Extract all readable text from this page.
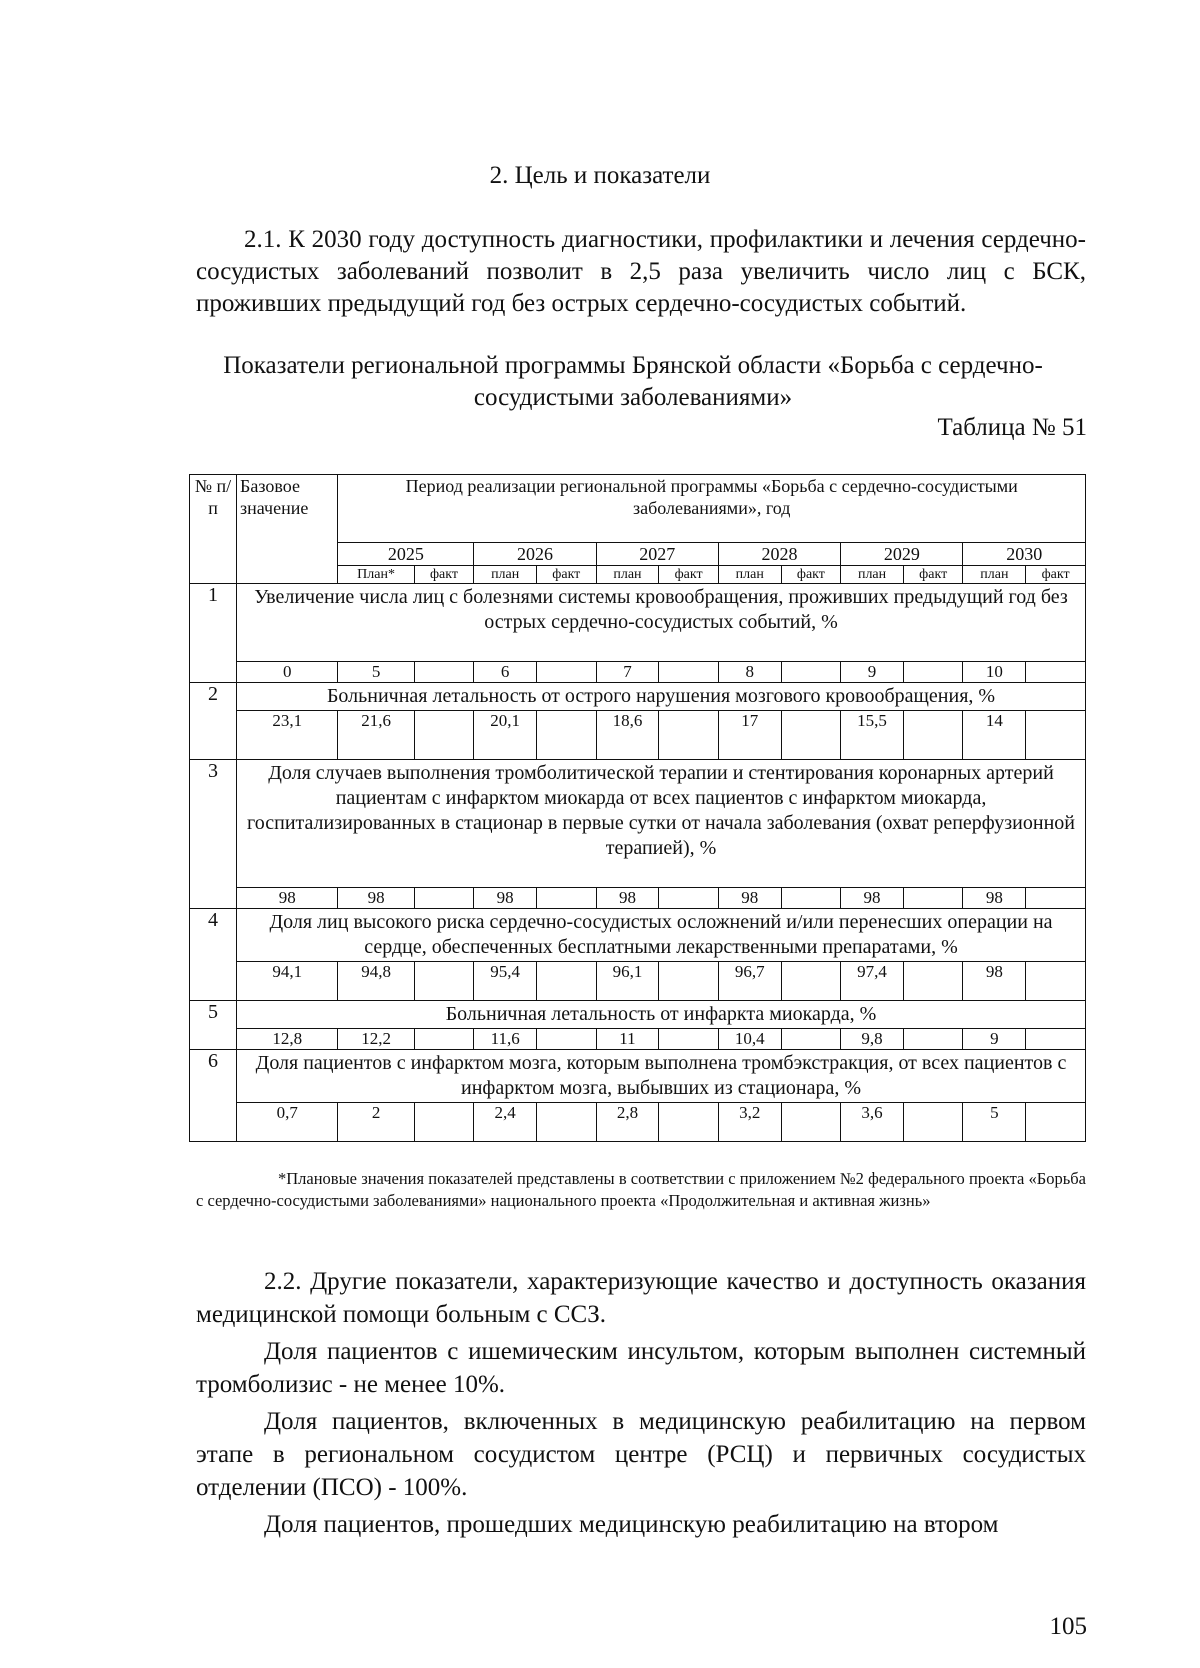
2. Цель и показатели
2.1. К 2030 году доступность диагностики, профилактики и лечения сердечно-сосудистых заболеваний позволит в 2,5 раза увеличить число лиц с БСК, проживших предыдущий год без острых сердечно-сосудистых событий.
Показатели региональной программы Брянской области «Борьба с сердечно-сосудистыми заболеваниями»
Таблица № 51
№ п/п	Базовое значение	Период реализации региональной программы «Борьба с сердечно-сосудистыми заболеваниями», год											
		2025		2026		2027		2028		2029		2030	
		План*	факт	план	факт	план	факт	план	факт	план	факт	план	факт
1	Увеличение числа лиц с болезнями системы кровообращения, проживших предыдущий год без острых сердечно-сосудистых событий, %												
	0	5		6		7		8		9		10	
2	Больничная летальность от острого нарушения мозгового кровообращения, %												
	23,1	21,6		20,1		18,6		17		15,5		14	
3	Доля случаев выполнения тромболитической терапии и стентирования коронарных артерий пациентам с инфарктом миокарда от всех пациентов с инфарктом миокарда, госпитализированных в стационар в первые сутки от начала заболевания (охват реперфузионной терапией), %												
	98	98		98		98		98		98		98	
4	Доля лиц высокого риска сердечно-сосудистых осложнений и/или перенесших операции на сердце, обеспеченных бесплатными лекарственными препаратами, %												
	94,1	94,8		95,4		96,1		96,7		97,4		98	
5	Больничная летальность от инфаркта миокарда, %												
	12,8	12,2		11,6		11		10,4		9,8		9	
6	Доля пациентов с инфарктом мозга, которым выполнена тромбэкстракция, от всех пациентов с инфарктом мозга, выбывших из стационара, %												
	0,7	2		2,4		2,8		3,2		3,6		5	
*Плановые значения показателей представлены в соответствии с приложением №2 федерального проекта «Борьба с сердечно-сосудистыми заболеваниями» национального проекта «Продолжительная и активная жизнь»

2.2. Другие показатели, характеризующие качество и доступность оказания медицинской помощи больным с ССЗ.

Доля пациентов с ишемическим инсультом, которым выполнен системный тромболизис - не менее 10%.

Доля пациентов, включенных в медицинскую реабилитацию на первом этапе в региональном сосудистом центре (РСЦ) и первичных сосудистых отделении (ПСО) - 100%.

Доля пациентов, прошедших медицинскую реабилитацию на втором

105
